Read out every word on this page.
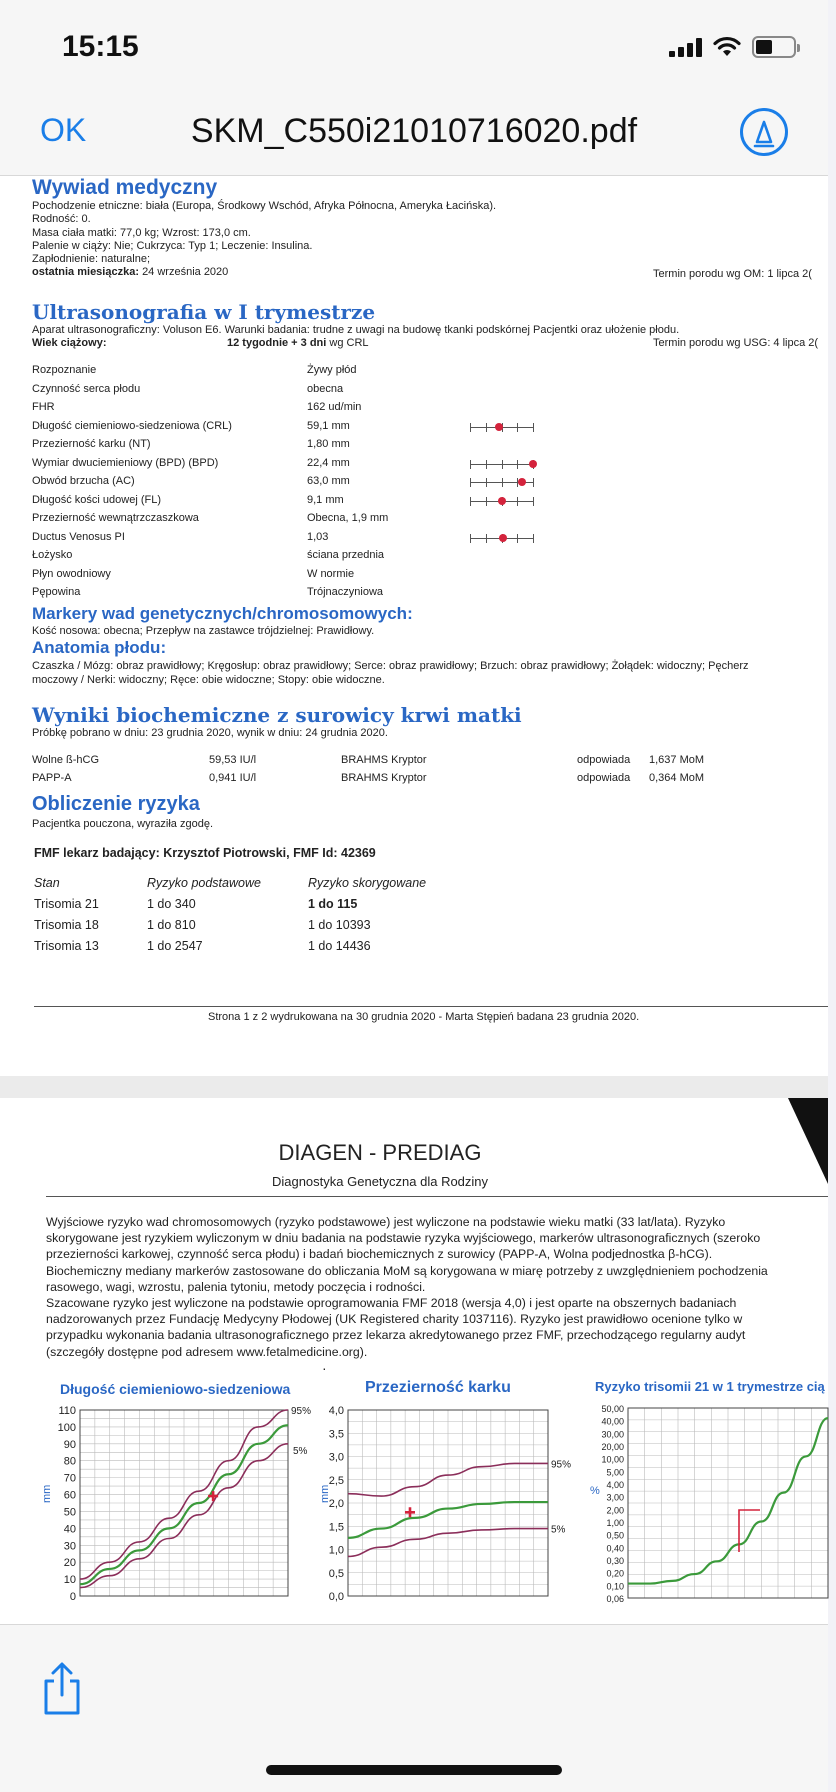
15:15
OK	SKM_C550i21010716020.pdf
Wywiad medyczny
Pochodzenie etniczne: biała (Europa, Środkowy Wschód, Afryka Północna, Ameryka Łacińska).
Rodność: 0.
Masa ciała matki: 77,0 kg; Wzrost: 173,0 cm.
Palenie w ciąży: Nie; Cukrzyca: Typ 1; Leczenie: Insulina.
Zapłodnienie: naturalne;
ostatnia miesiączka: 24 września 2020	Termin porodu wg OM: 1 lipca 2(
Ultrasonografia w I trymestrze
Aparat ultrasonograficzny: Voluson E6. Warunki badania: trudne z uwagi na budowę tkanki podskórnej Pacjentki oraz ułożenie płodu.
Wiek ciążowy:	12 tygodnie + 3 dni wg CRL	Termin porodu wg USG: 4 lipca 2(
Rozpoznanie	Żywy płód
Czynność serca płodu	obecna
FHR	162 ud/min
Długość ciemieniowo-siedzeniowa (CRL)	59,1 mm
Przezierność karku (NT)	1,80 mm
Wymiar dwuciemieniowy (BPD) (BPD)	22,4 mm
Obwód brzucha (AC)	63,0 mm
Długość kości udowej (FL)	9,1 mm
Przezierność wewnątrzczaszkowa	Obecna, 1,9 mm
Ductus Venosus PI	1,03
Łożysko	ściana przednia
Płyn owodniowy	W normie
Pępowina	Trójnaczyniowa
Markery wad genetycznych/chromosomowych:
Kość nosowa: obecna; Przepływ na zastawce trójdzielnej: Prawidłowy.
Anatomia płodu:
Czaszka / Mózg: obraz prawidłowy; Kręgosłup: obraz prawidłowy; Serce: obraz prawidłowy; Brzuch: obraz prawidłowy; Żołądek: widoczny; Pęcherz
moczowy / Nerki: widoczny; Ręce: obie widoczne; Stopy: obie widoczne.
Wyniki biochemiczne z surowicy krwi matki
Próbkę pobrano w dniu: 23 grudnia 2020, wynik w dniu: 24 grudnia 2020.
Wolne ß-hCG	59,53 IU/l	BRAHMS Kryptor	odpowiada 1,637 MoM
PAPP-A	0,941 IU/l	BRAHMS Kryptor	odpowiada 0,364 MoM
Obliczenie ryzyka
Pacjentka pouczona, wyraziła zgodę.
FMF lekarz badający: Krzysztof Piotrowski, FMF Id: 42369
Stan	Ryzyko podstawowe	Ryzyko skorygowane
Trisomia 21	1 do 340	1 do 115
Trisomia 18	1 do 810	1 do 10393
Trisomia 13	1 do 2547	1 do 14436
Strona 1 z 2 wydrukowana na 30 grudnia 2020 - Marta Stępień badana 23 grudnia 2020.
DIAGEN - PREDIAG
Diagnostyka Genetyczna dla Rodziny
Wyjściowe ryzyko wad chromosomowych (ryzyko podstawowe) jest wyliczone na podstawie wieku matki (33 lat/lata). Ryzyko
skorygowane jest ryzykiem wyliczonym w dniu badania na podstawie ryzyka wyjściowego, markerów ultrasonograficznych (szeroko
przezierności karkowej, czynność serca płodu) i badań biochemicznych z surowicy (PAPP-A, Wolna podjednostka β-hCG).
Biochemiczny mediany markerów zastosowane do obliczania MoM są korygowana w miarę potrzeby z uwzględnieniem pochodzenia
rasowego, wagi, wzrostu, palenia tytoniu, metody poczęcia i rodności.
Szacowane ryzyko jest wyliczone na podstawie oprogramowania FMF 2018 (wersja 4,0) i jest oparte na obszernych badaniach
nadzorowanych przez Fundację Medycyny Płodowej (UK Registered charity 1037116). Ryzyko jest prawidłowo ocenione tylko w
przypadku wykonania badania ultrasonograficznego przez lekarza akredytowanego przez FMF, przechodzącego regularny audyt
(szczegóły dostępne pod adresem www.fetalmedicine.org).
·
Długość ciemieniowo-siedzeniowa	Przezierność karku	Ryzyko trisomii 21 w 1 trymestrze cią
110
100
90
80
70
60
50
40
30
20
10
0
mm
95%
5%
4,0
3,5
3,0
2,5
2,0
1,5
1,0
0,5
0,0
mm
95%
5%
50,00
40,00
30,00
20,00
10,00
5,00
4,00
3,00
2,00
1,00
0,50
0,40
0,30
0,20
0,10
0,06
%
